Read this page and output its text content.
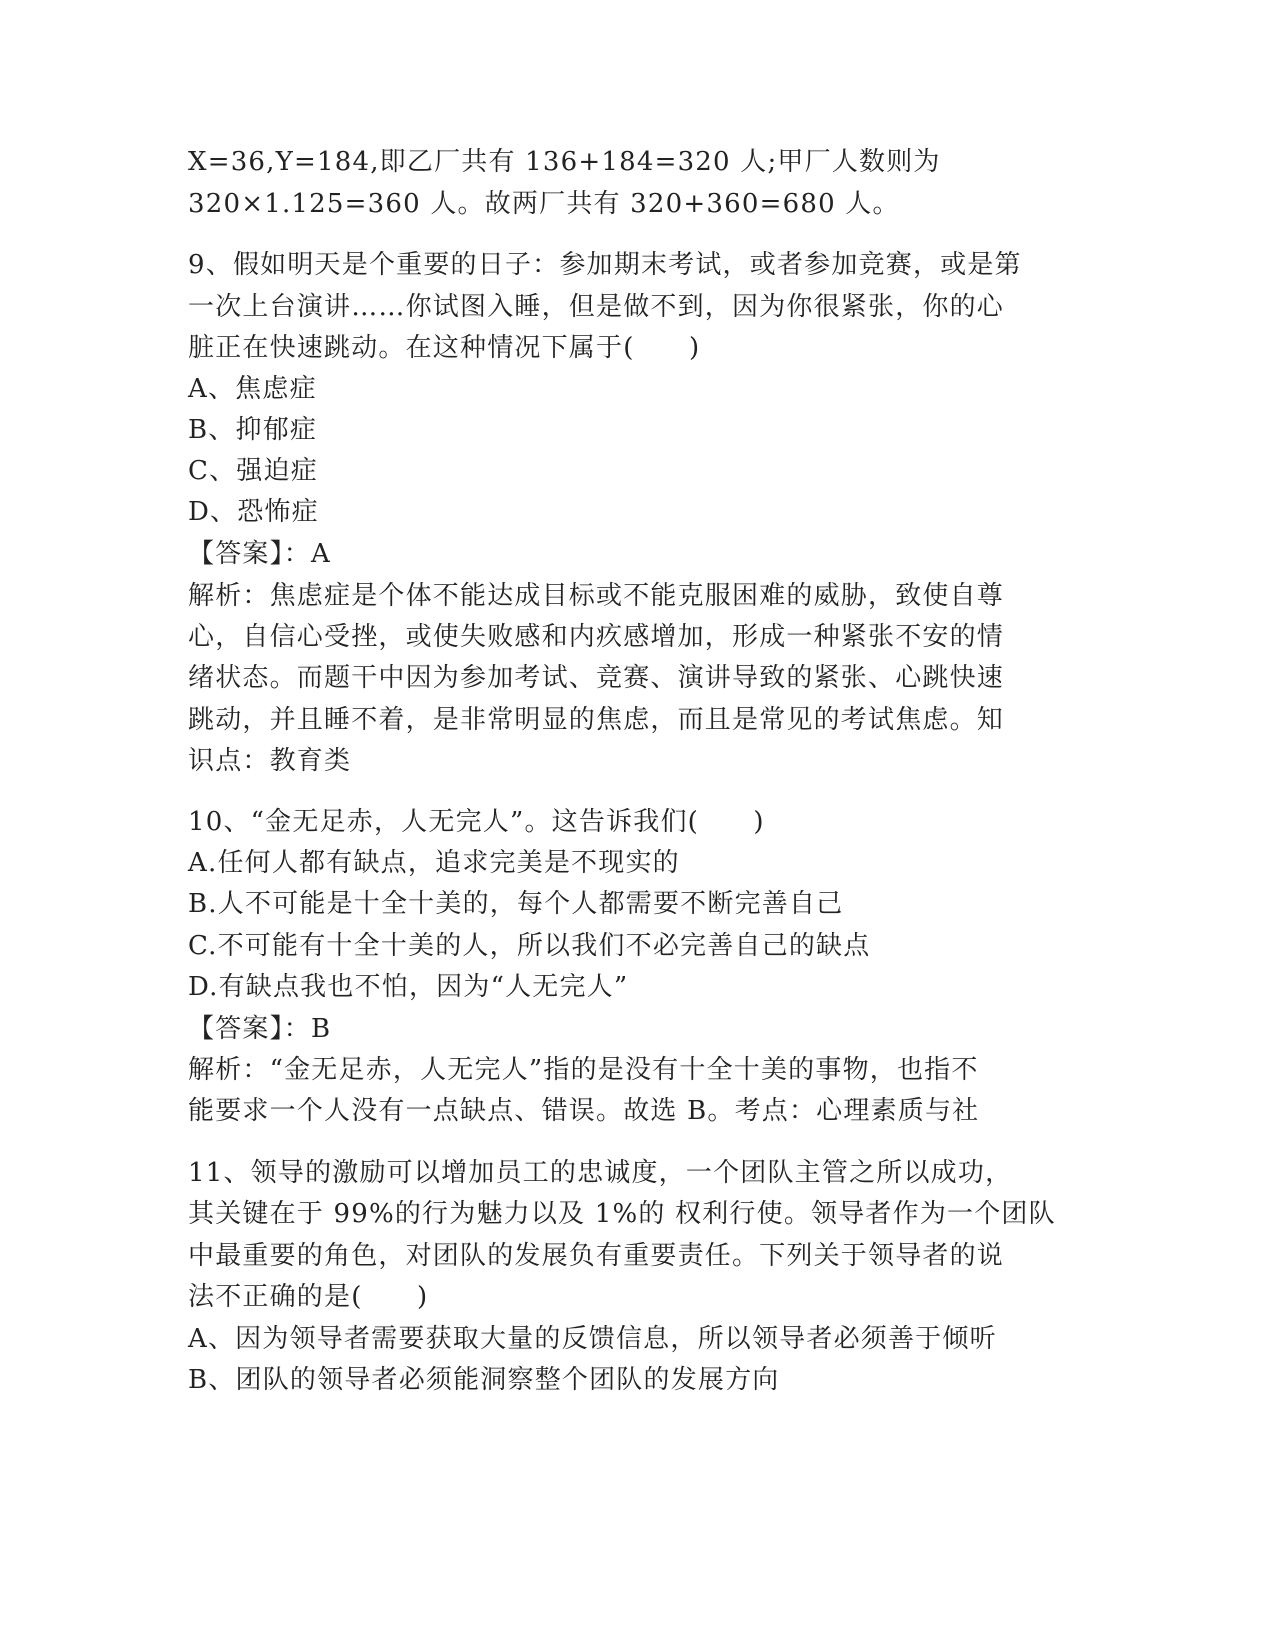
X=36,Y=184,即乙厂共有 136+184=320 人;甲厂人数则为
320×1.125=360 人。故两厂共有 320+360=680 人。
9、假如明天是个重要的日子：参加期末考试，或者参加竞赛，或是第
一次上台演讲……你试图入睡，但是做不到，因为你很紧张，你的心
脏正在快速跳动。在这种情况下属于(　　)
A、焦虑症
B、抑郁症
C、强迫症
D、恐怖症
【答案】：A
解析：焦虑症是个体不能达成目标或不能克服困难的威胁，致使自尊
心，自信心受挫，或使失败感和内疚感增加，形成一种紧张不安的情
绪状态。而题干中因为参加考试、竞赛、演讲导致的紧张、心跳快速
跳动，并且睡不着，是非常明显的焦虑，而且是常见的考试焦虑。知
识点：教育类
10、“金无足赤，人无完人”。这告诉我们(　　)
A.任何人都有缺点，追求完美是不现实的
B.人不可能是十全十美的，每个人都需要不断完善自己
C.不可能有十全十美的人，所以我们不必完善自己的缺点
D.有缺点我也不怕，因为“人无完人”
【答案】：B
解析：“金无足赤，人无完人”指的是没有十全十美的事物，也指不
能要求一个人没有一点缺点、错误。故选 B。考点：心理素质与社
11、领导的激励可以增加员工的忠诚度，一个团队主管之所以成功，
其关键在于 99%的行为魅力以及 1%的 权利行使。领导者作为一个团队
中最重要的角色，对团队的发展负有重要责任。下列关于领导者的说
法不正确的是(　　)
A、因为领导者需要获取大量的反馈信息，所以领导者必须善于倾听
B、团队的领导者必须能洞察整个团队的发展方向
